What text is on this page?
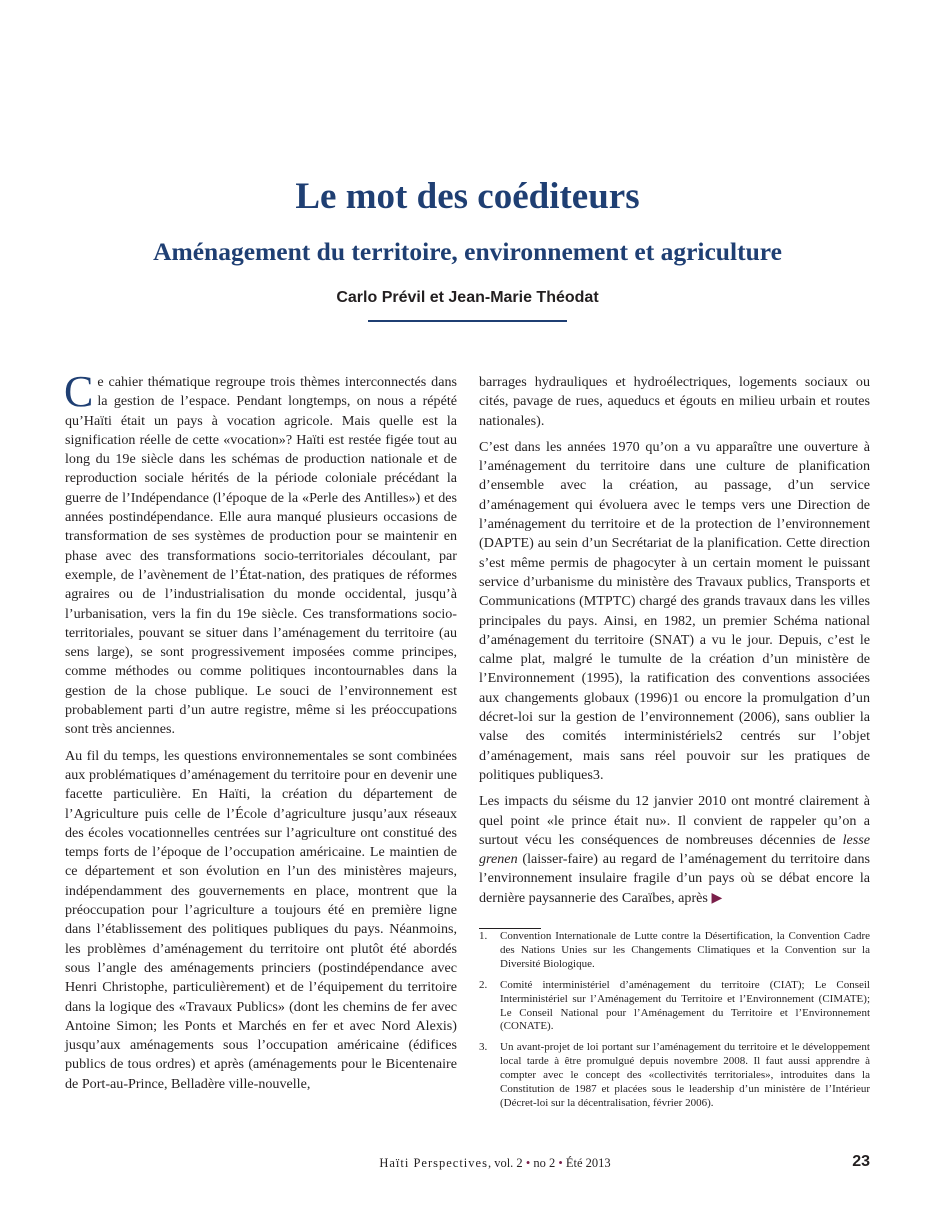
Le mot des coéditeurs
Aménagement du territoire, environnement et agriculture
Carlo Prévil et Jean-Marie Théodat

Ce cahier thématique regroupe trois thèmes interconnectés dans la gestion de l’espace. Pendant longtemps, on nous a répété qu’Haïti était un pays à vocation agricole. Mais quelle est la signification réelle de cette «vocation»? Haïti est restée figée tout au long du 19e siècle dans les schémas de production nationale et de reproduction sociale hérités de la période coloniale précédant la guerre de l’Indépendance (l’époque de la «Perle des Antilles») et des années postindépendance. Elle aura manqué plusieurs occasions de transformation de ses systèmes de production pour se maintenir en phase avec des transformations socio-territoriales découlant, par exemple, de l’avènement de l’État-nation, des pratiques de réformes agraires ou de l’industrialisation du monde occidental, jusqu’à l’urbanisation, vers la fin du 19e siècle. Ces transformations socio-territoriales, pouvant se situer dans l’aménagement du territoire (au sens large), se sont progressivement imposées comme principes, comme méthodes ou comme politiques incontournables dans la gestion de la chose publique. Le souci de l’environnement est probablement parti d’un autre registre, même si les préoccupations sont très anciennes.

Au fil du temps, les questions environnementales se sont combinées aux problématiques d’aménagement du territoire pour en devenir une facette particulière. En Haïti, la création du département de l’Agriculture puis celle de l’École d’agriculture jusqu’aux réseaux des écoles vocationnelles centrées sur l’agriculture ont constitué des temps forts de l’époque de l’occupation américaine. Le maintien de ce département et son évolution en l’un des ministères majeurs, indépendamment des gouvernements en place, montrent que la préoccupation pour l’agriculture a toujours été en première ligne dans l’établissement des politiques publiques du pays. Néanmoins, les problèmes d’aménagement du territoire ont plutôt été abordés sous l’angle des aménagements princiers (postindépendance avec Henri Christophe, particulièrement) et de l’équipement du territoire dans la logique des «Travaux Publics» (dont les chemins de fer avec Antoine Simon; les Ponts et Marchés en fer et avec Nord Alexis) jusqu’aux aménagements sous l’occupation américaine (édifices publics de tous ordres) et après (aménagements pour le Bicentenaire de Port-au-Prince, Belladère ville-nouvelle,

barrages hydrauliques et hydroélectriques, logements sociaux ou cités, pavage de rues, aqueducs et égouts en milieu urbain et routes nationales).

C’est dans les années 1970 qu’on a vu apparaître une ouverture à l’aménagement du territoire dans une culture de planification d’ensemble avec la création, au passage, d’un service d’aménagement qui évoluera avec le temps vers une Direction de l’aménagement du territoire et de la protection de l’environnement (DAPTE) au sein d’un Secrétariat de la planification. Cette direction s’est même permis de phagocyter à un certain moment le puissant service d’urbanisme du ministère des Travaux publics, Transports et Communications (MTPTC) chargé des grands travaux dans les villes principales du pays. Ainsi, en 1982, un premier Schéma national d’aménagement du territoire (SNAT) a vu le jour. Depuis, c’est le calme plat, malgré le tumulte de la création d’un ministère de l’Environnement (1995), la ratification des conventions associées aux changements globaux (1996)1 ou encore la promulgation d’un décret-loi sur la gestion de l’environnement (2006), sans oublier la valse des comités interministériels2 centrés sur l’objet d’aménagement, mais sans réel pouvoir sur les pratiques de politiques publiques3.

Les impacts du séisme du 12 janvier 2010 ont montré clairement à quel point «le prince était nu». Il convient de rappeler qu’on a surtout vécu les conséquences de nombreuses décennies de lesse grenen (laisser-faire) au regard de l’aménagement du territoire dans l’environnement insulaire fragile d’un pays où se débat encore la dernière paysannerie des Caraïbes, après ▶

1.	Convention Internationale de Lutte contre la Désertification, la Convention Cadre des Nations Unies sur les Changements Climatiques et la Convention sur la Diversité Biologique.
2.	Comité interministériel d’aménagement du territoire (CIAT); Le Conseil Interministériel sur l’Aménagement du Territoire et l’Environnement (CIMATE); Le Conseil National pour l’Aménagement du Territoire et l’Environnement (CONATE).
3.	Un avant-projet de loi portant sur l’aménagement du territoire et le développement local tarde à être promulgué depuis novembre 2008. Il faut aussi apprendre à compter avec le concept des «collectivités territoriales», introduites dans la Constitution de 1987 et placées sous le leadership d’un ministère de l’Intérieur (Décret-loi sur la décentralisation, février 2006).
Haïti Perspectives, vol. 2 • no 2 • Été 2013	23
